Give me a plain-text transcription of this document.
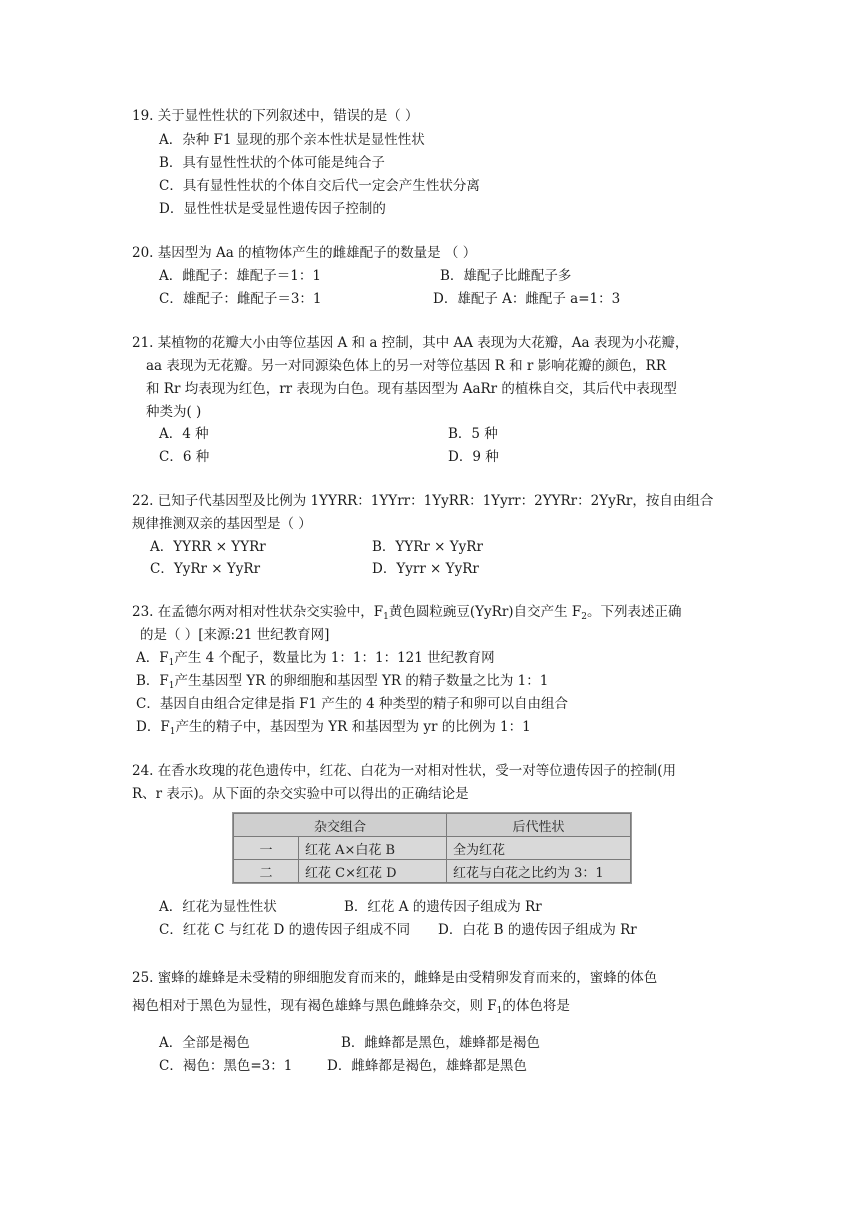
19. 关于显性性状的下列叙述中，错误的是（ ）
A．杂种 F1 显现的那个亲本性状是显性性状
B．具有显性性状的个体可能是纯合子
C．具有显性性状的个体自交后代一定会产生性状分离
D．显性性状是受显性遗传因子控制的
20. 基因型为 Aa 的植物体产生的雌雄配子的数量是 （ ）
A．雌配子：雄配子＝1：1	B．雄配子比雌配子多
C．雄配子：雌配子＝3：1	D．雄配子 A：雌配子 a=1：3
21. 某植物的花瓣大小由等位基因 A 和 a 控制，其中 AA 表现为大花瓣，Aa 表现为小花瓣，
aa 表现为无花瓣。另一对同源染色体上的另一对等位基因 R 和 r 影响花瓣的颜色，RR
和 Rr 均表现为红色，rr 表现为白色。现有基因型为 AaRr 的植株自交，其后代中表现型
种类为( )
A．4 种	B．5 种
C．6 种	D．9 种
22. 已知子代基因型及比例为 1YYRR：1YYrr：1YyRR：1Yyrr：2YYRr：2YyRr，按自由组合
规律推测双亲的基因型是（ ）
A．YYRR × YYRr	B．YYRr × YyRr
C．YyRr × YyRr	D．Yyrr × YyRr
23. 在孟德尔两对相对性状杂交实验中，$F_1$黄色圆粒豌豆(YyRr)自交产生 $F_2$。下列表述正确
的是（ ）[来源:21 世纪教育网]
A．$F_1$产生 4 个配子，数量比为 1：1：1：121 世纪教育网
B．$F_1$产生基因型 YR 的卵细胞和基因型 YR 的精子数量之比为 1：1
C．基因自由组合定律是指 F1 产生的 4 种类型的精子和卵可以自由组合
D．$F_1$产生的精子中，基因型为 YR 和基因型为 yr 的比例为 1：1
24. 在香水玫瑰的花色遗传中，红花、白花为一对相对性状，受一对等位遗传因子的控制(用
R、r 表示)。从下面的杂交实验中可以得出的正确结论是
杂交组合		后代性状
一	红花 A×白花 B	全为红花
二	红花 C×红花 D	红花与白花之比约为 3：1
A．红花为显性性状	B．红花 A 的遗传因子组成为 Rr
C．红花 C 与红花 D 的遗传因子组成不同 D．白花 B 的遗传因子组成为 Rr
25. 蜜蜂的雄蜂是未受精的卵细胞发育而来的，雌蜂是由受精卵发育而来的，蜜蜂的体色
褐色相对于黑色为显性，现有褐色雄蜂与黑色雌蜂杂交，则 $F_1$的体色将是
A．全部是褐色	B．雌蜂都是黑色，雄蜂都是褐色
C．褐色：黑色=3：1	D．雌蜂都是褐色，雄蜂都是黑色
